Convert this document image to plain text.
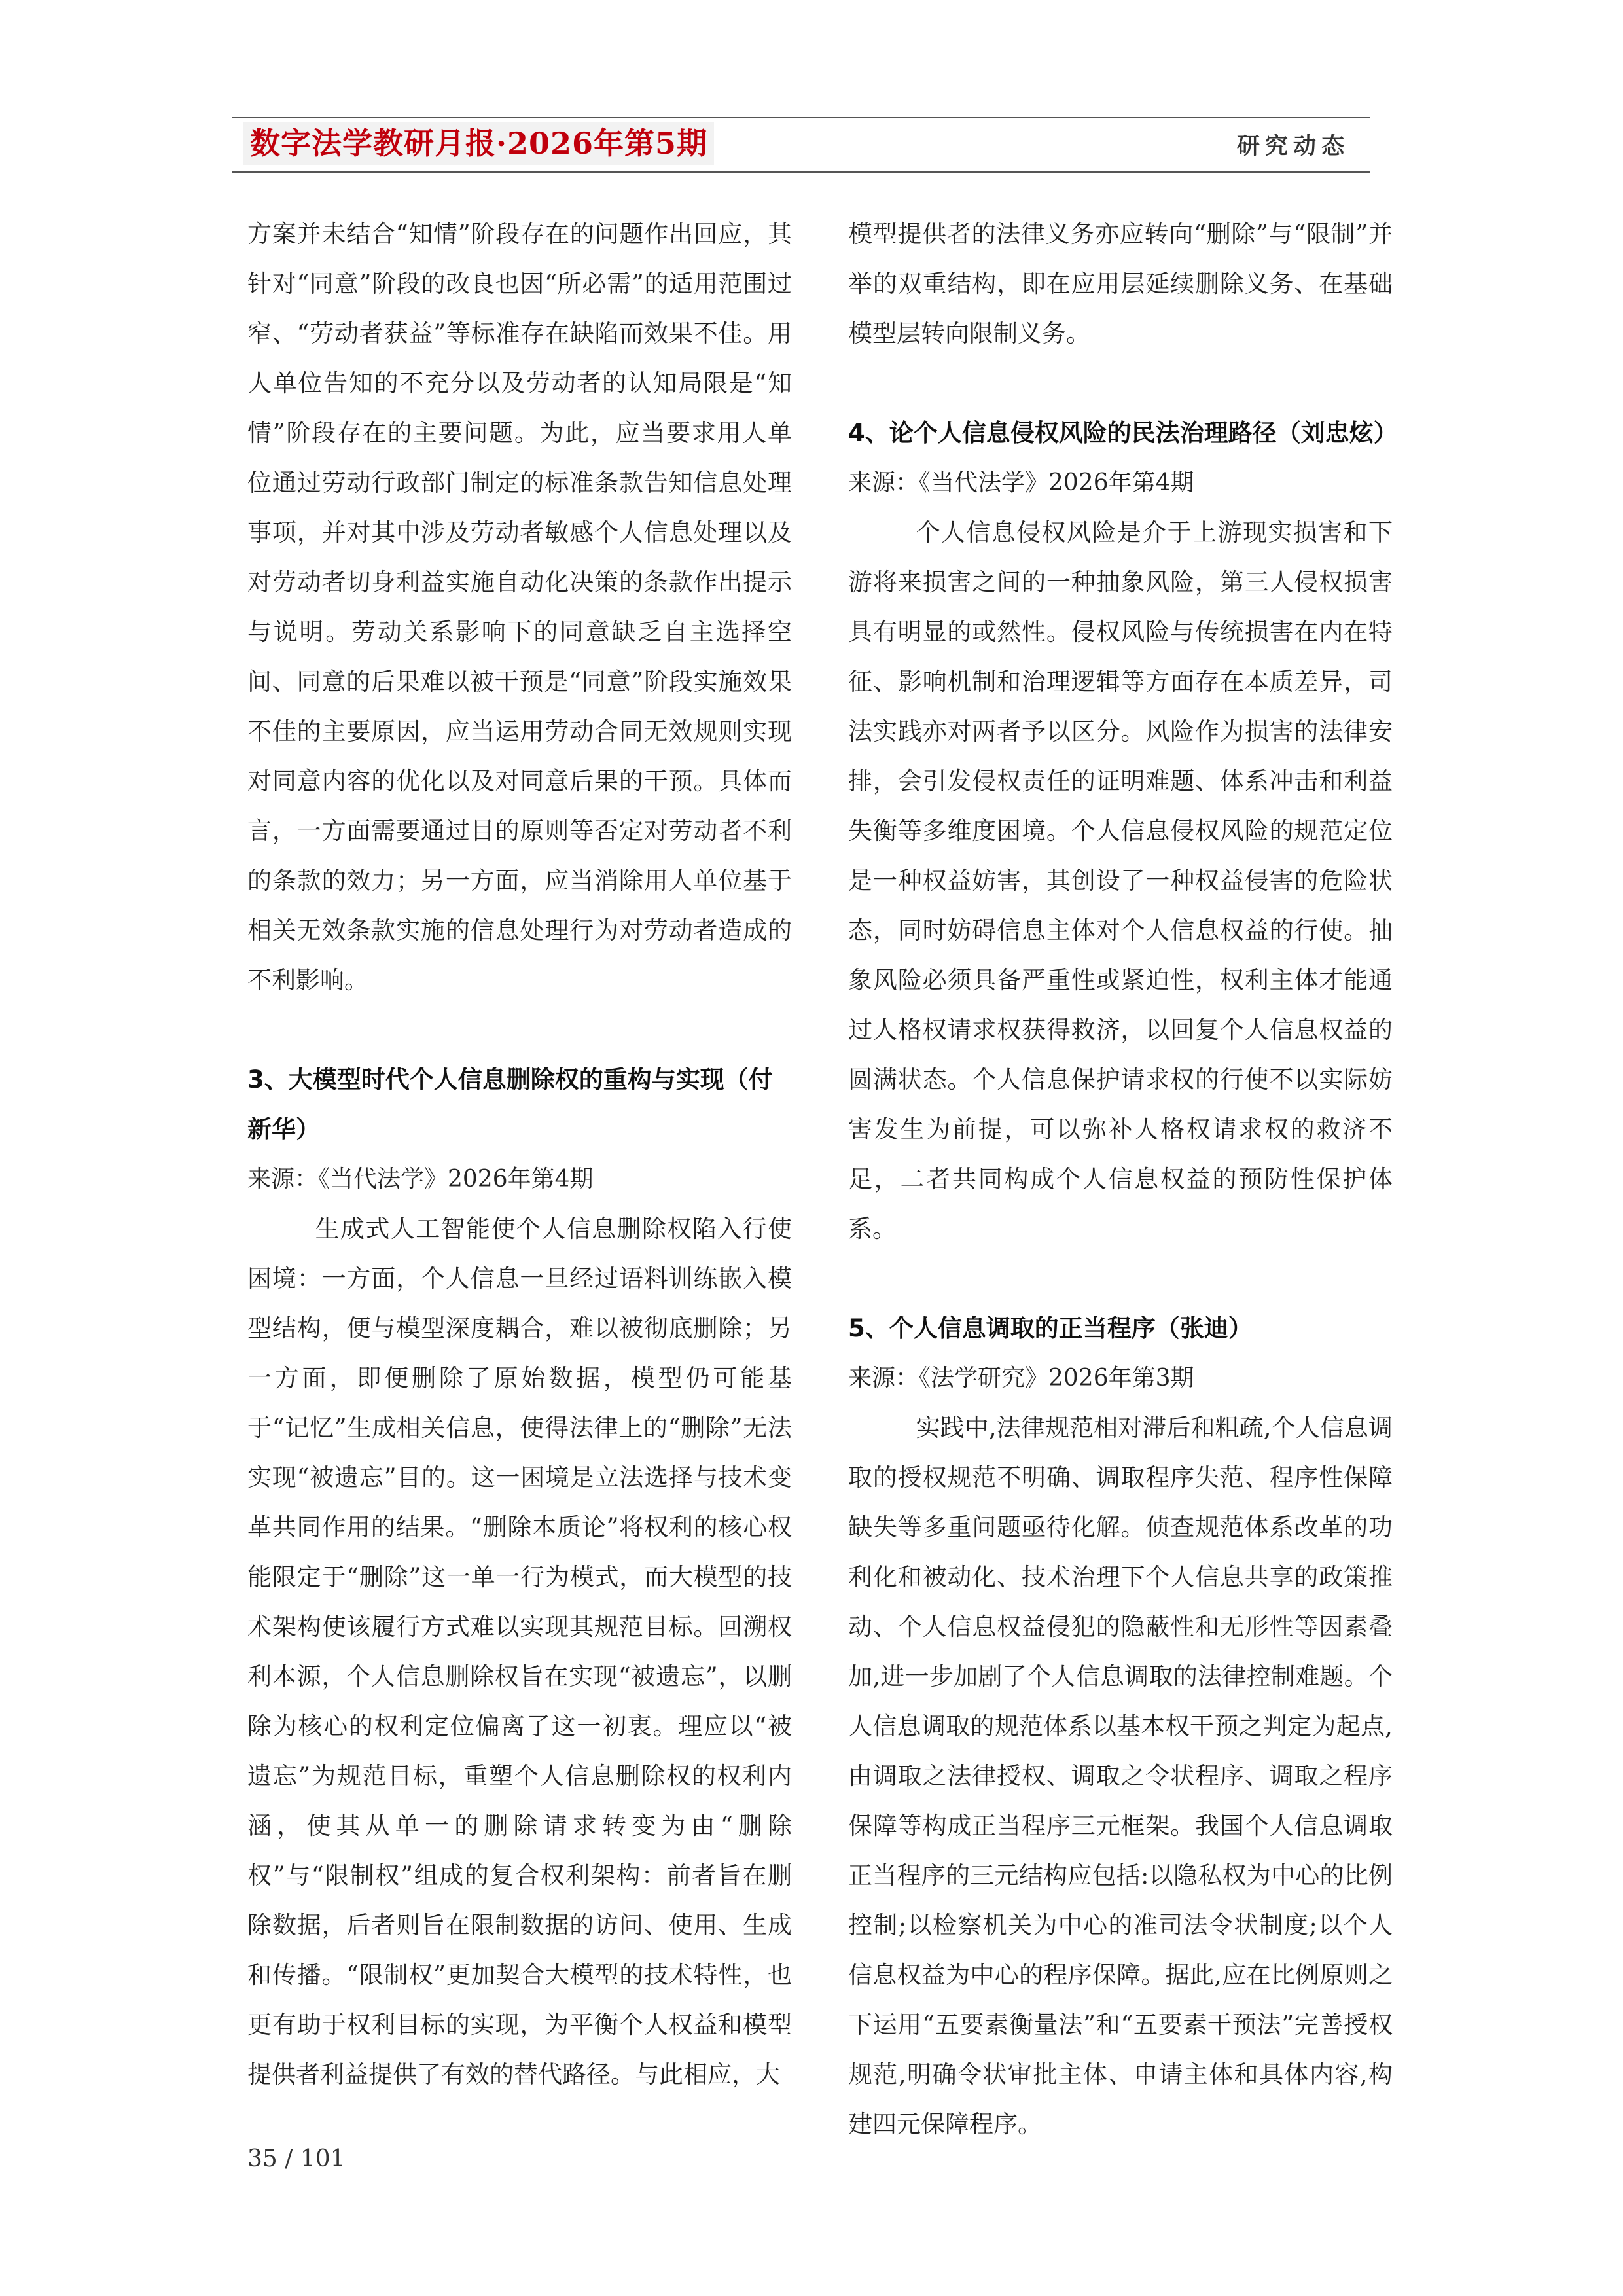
数字法学教研月报·2026年第5期	研究动态

方案并未结合“知情”阶段存在的问题作出回应，其针对“同意”阶段的改良也因“所必需”的适用范围过窄、“劳动者获益”等标准存在缺陷而效果不佳。用人单位告知的不充分以及劳动者的认知局限是“知情”阶段存在的主要问题。为此，应当要求用人单位通过劳动行政部门制定的标准条款告知信息处理事项，并对其中涉及劳动者敏感个人信息处理以及对劳动者切身利益实施自动化决策的条款作出提示与说明。劳动关系影响下的同意缺乏自主选择空间、同意的后果难以被干预是“同意”阶段实施效果不佳的主要原因，应当运用劳动合同无效规则实现对同意内容的优化以及对同意后果的干预。具体而言，一方面需要通过目的原则等否定对劳动者不利的条款的效力；另一方面，应当消除用人单位基于相关无效条款实施的信息处理行为对劳动者造成的不利影响。

3、大模型时代个人信息删除权的重构与实现（付新华）

来源：《当代法学》2026年第4期

生成式人工智能使个人信息删除权陷入行使困境：一方面，个人信息一旦经过语料训练嵌入模型结构，便与模型深度耦合，难以被彻底删除；另一方面，即便删除了原始数据，模型仍可能基于“记忆”生成相关信息，使得法律上的“删除”无法实现“被遗忘”目的。这一困境是立法选择与技术变革共同作用的结果。“删除本质论”将权利的核心权能限定于“删除”这一单一行为模式，而大模型的技术架构使该履行方式难以实现其规范目标。回溯权利本源，个人信息删除权旨在实现“被遗忘”，以删除为核心的权利定位偏离了这一初衷。理应以“被遗忘”为规范目标，重塑个人信息删除权的权利内涵，使其从单一的删除请求转变为由“删除权”与“限制权”组成的复合权利架构：前者旨在删除数据，后者则旨在限制数据的访问、使用、生成和传播。“限制权”更加契合大模型的技术特性，也更有助于权利目标的实现，为平衡个人权益和模型提供者利益提供了有效的替代路径。与此相应，大

模型提供者的法律义务亦应转向“删除”与“限制”并举的双重结构，即在应用层延续删除义务、在基础模型层转向限制义务。

4、论个人信息侵权风险的民法治理路径（刘忠炫）

来源：《当代法学》2026年第4期

个人信息侵权风险是介于上游现实损害和下游将来损害之间的一种抽象风险，第三人侵权损害具有明显的或然性。侵权风险与传统损害在内在特征、影响机制和治理逻辑等方面存在本质差异，司法实践亦对两者予以区分。风险作为损害的法律安排，会引发侵权责任的证明难题、体系冲击和利益失衡等多维度困境。个人信息侵权风险的规范定位是一种权益妨害，其创设了一种权益侵害的危险状态，同时妨碍信息主体对个人信息权益的行使。抽象风险必须具备严重性或紧迫性，权利主体才能通过人格权请求权获得救济，以回复个人信息权益的圆满状态。个人信息保护请求权的行使不以实际妨害发生为前提，可以弥补人格权请求权的救济不足，二者共同构成个人信息权益的预防性保护体系。

5、个人信息调取的正当程序（张迪）

来源：《法学研究》2026年第3期

实践中,法律规范相对滞后和粗疏,个人信息调取的授权规范不明确、调取程序失范、程序性保障缺失等多重问题亟待化解。侦查规范体系改革的功利化和被动化、技术治理下个人信息共享的政策推动、个人信息权益侵犯的隐蔽性和无形性等因素叠加,进一步加剧了个人信息调取的法律控制难题。个人信息调取的规范体系以基本权干预之判定为起点,由调取之法律授权、调取之令状程序、调取之程序保障等构成正当程序三元框架。我国个人信息调取正当程序的三元结构应包括:以隐私权为中心的比例控制;以检察机关为中心的准司法令状制度;以个人信息权益为中心的程序保障。据此,应在比例原则之下运用“五要素衡量法”和“五要素干预法”完善授权规范,明确令状审批主体、申请主体和具体内容,构建四元保障程序。

35 / 101
